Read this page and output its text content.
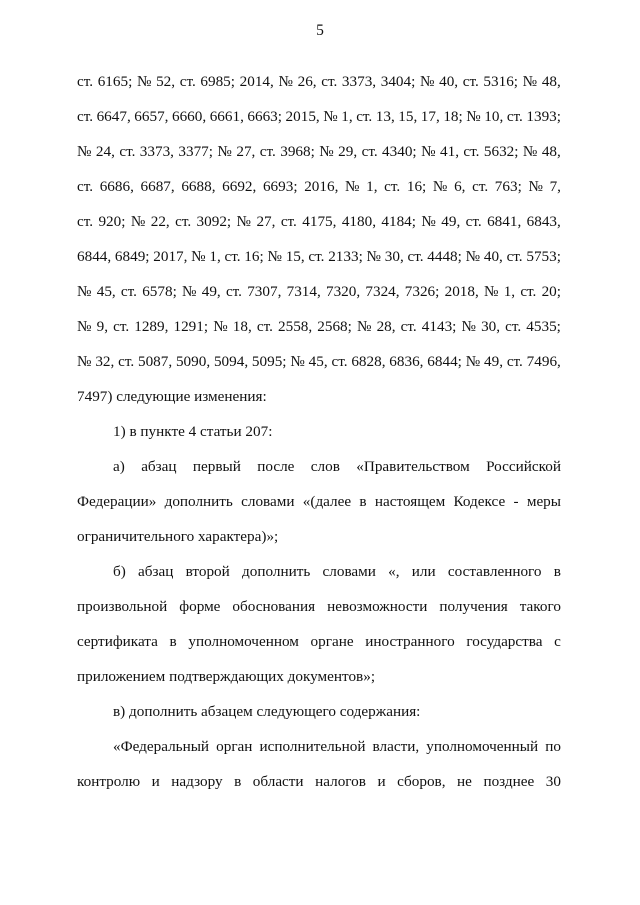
5
ст. 6165; № 52, ст. 6985; 2014, № 26, ст. 3373, 3404; № 40, ст. 5316; № 48,
ст. 6647, 6657, 6660, 6661, 6663; 2015, № 1, ст. 13, 15, 17, 18; № 10, ст. 1393;
№ 24, ст. 3373, 3377; № 27, ст. 3968; № 29, ст. 4340; № 41, ст. 5632; № 48,
ст. 6686, 6687, 6688, 6692, 6693; 2016, № 1, ст. 16; № 6, ст. 763; № 7,
ст. 920; № 22, ст. 3092; № 27, ст. 4175, 4180, 4184; № 49, ст. 6841, 6843,
6844, 6849; 2017, № 1, ст. 16; № 15, ст. 2133; № 30, ст. 4448; № 40, ст. 5753;
№ 45, ст. 6578; № 49, ст. 7307, 7314, 7320, 7324, 7326; 2018, № 1, ст. 20;
№ 9, ст. 1289, 1291; № 18, ст. 2558, 2568; № 28, ст. 4143; № 30, ст. 4535;
№ 32, ст. 5087, 5090, 5094, 5095; № 45, ст. 6828, 6836, 6844; № 49, ст. 7496,
7497) следующие изменения:
1) в пункте 4 статьи 207:
а) абзац первый после слов «Правительством Российской
Федерации» дополнить словами «(далее в настоящем Кодексе - меры
ограничительного характера)»;
б) абзац второй дополнить словами «, или составленного в
произвольной форме обоснования невозможности получения такого
сертификата в уполномоченном органе иностранного государства с
приложением подтверждающих документов»;
в) дополнить абзацем следующего содержания:
«Федеральный орган исполнительной власти, уполномоченный по
контролю и надзору в области налогов и сборов, не позднее 30
